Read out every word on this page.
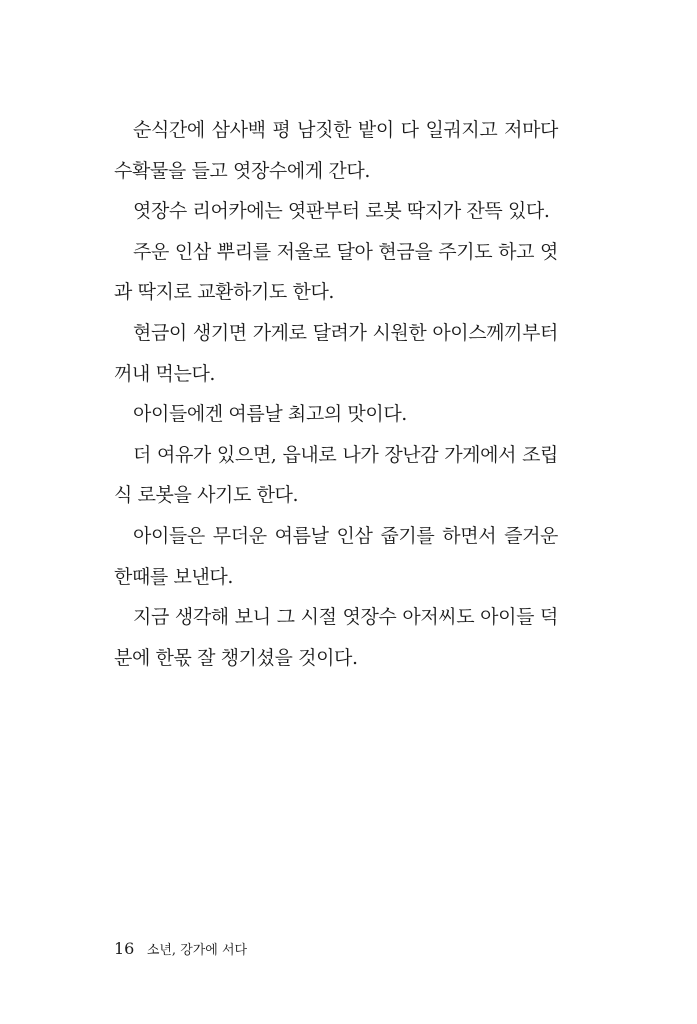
순식간에 삼사백 평 남짓한 밭이 다 일궈지고 저마다
수확물을 들고 엿장수에게 간다.
엿장수 리어카에는 엿판부터 로봇 딱지가 잔뜩 있다.
주운 인삼 뿌리를 저울로 달아 현금을 주기도 하고 엿
과 딱지로 교환하기도 한다.
현금이 생기면 가게로 달려가 시원한 아이스께끼부터
꺼내 먹는다.
아이들에겐 여름날 최고의 맛이다.
더 여유가 있으면, 읍내로 나가 장난감 가게에서 조립
식 로봇을 사기도 한다.
아이들은 무더운 여름날 인삼 줍기를 하면서 즐거운
한때를 보낸다.
지금 생각해 보니 그 시절 엿장수 아저씨도 아이들 덕
분에 한몫 잘 챙기셨을 것이다.
16 소년, 강가에 서다
